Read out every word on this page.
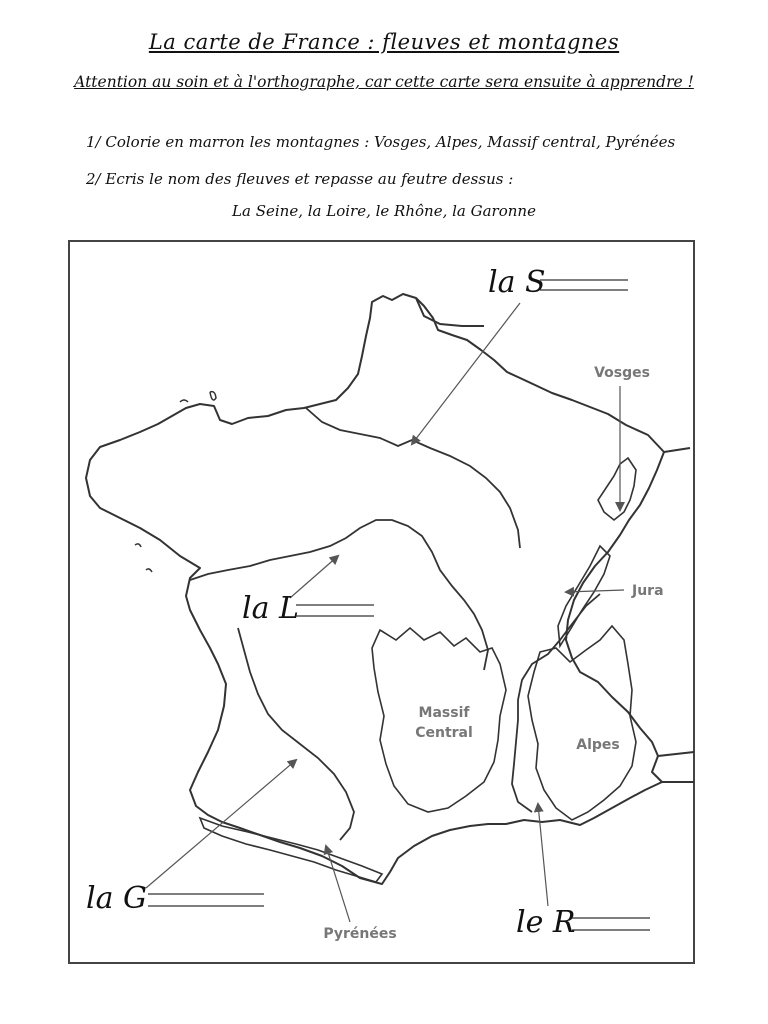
La carte de France : fleuves et montagnes
Attention au soin et à l'orthographe, car cette carte sera ensuite à apprendre !
1/ Colorie en marron les montagnes : Vosges, Alpes, Massif central, Pyrénées
2/ Ecris le nom des fleuves et repasse au feutre dessus :
La Seine, la Loire, le Rhône, la Garonne
Vosges
Jura
Massif
Central
Alpes
Pyrénées
la S
la L
la G
le R
